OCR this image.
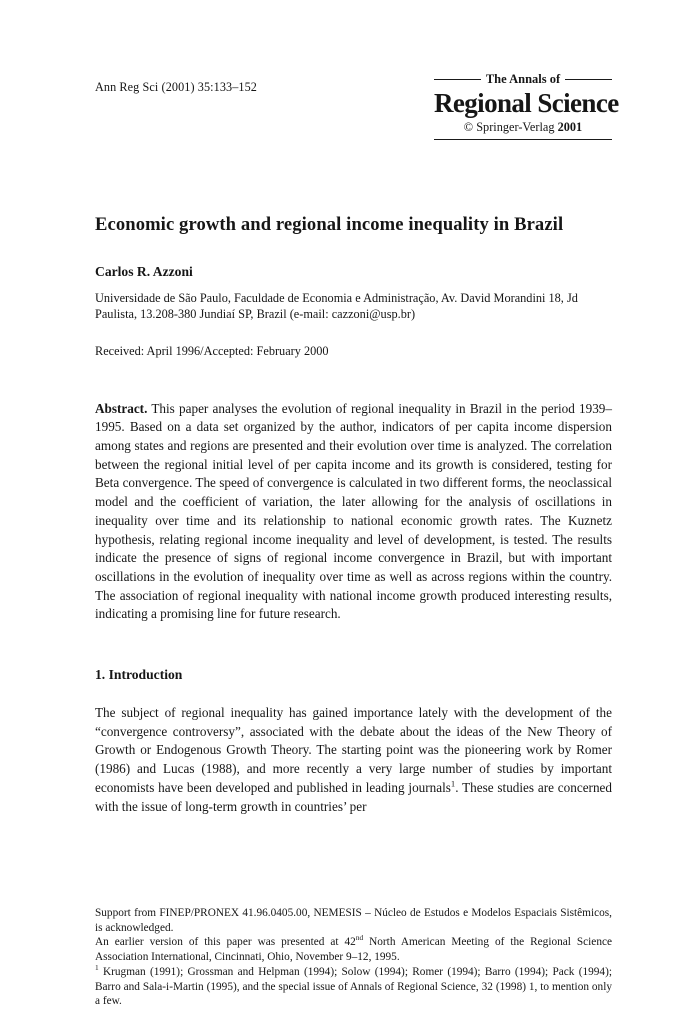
Ann Reg Sci (2001) 35:133–152
The Annals of
Regional Science
© Springer-Verlag 2001
Economic growth and regional income inequality in Brazil
Carlos R. Azzoni
Universidade de São Paulo, Faculdade de Economia e Administração, Av. David Morandini 18, Jd Paulista, 13.208-380 Jundiaí SP, Brazil (e-mail: cazzoni@usp.br)
Received: April 1996/Accepted: February 2000

Abstract. This paper analyses the evolution of regional inequality in Brazil in the period 1939–1995. Based on a data set organized by the author, indicators of per capita income dispersion among states and regions are presented and their evolution over time is analyzed. The correlation between the regional initial level of per capita income and its growth is considered, testing for Beta convergence. The speed of convergence is calculated in two different forms, the neoclassical model and the coefficient of variation, the later allowing for the analysis of oscillations in inequality over time and its relationship to national economic growth rates. The Kuznetz hypothesis, relating regional income inequality and level of development, is tested. The results indicate the presence of signs of regional income convergence in Brazil, but with important oscillations in the evolution of inequality over time as well as across regions within the country. The association of regional inequality with national income growth produced interesting results, indicating a promising line for future research.

1. Introduction

The subject of regional inequality has gained importance lately with the development of the “convergence controversy”, associated with the debate about the ideas of the New Theory of Growth or Endogenous Growth Theory. The starting point was the pioneering work by Romer (1986) and Lucas (1988), and more recently a very large number of studies by important economists have been developed and published in leading journals$^1$. These studies are concerned with the issue of long-term growth in countries’ per

Support from FINEP/PRONEX 41.96.0405.00, NEMESIS – Núcleo de Estudos e Modelos Espaciais Sistêmicos, is acknowledged.

An earlier version of this paper was presented at 42nd North American Meeting of the Regional Science Association International, Cincinnati, Ohio, November 9–12, 1995.

$^1$ Krugman (1991); Grossman and Helpman (1994); Solow (1994); Romer (1994); Barro (1994); Pack (1994); Barro and Sala-i-Martin (1995), and the special issue of Annals of Regional Science, 32 (1998) 1, to mention only a few.
